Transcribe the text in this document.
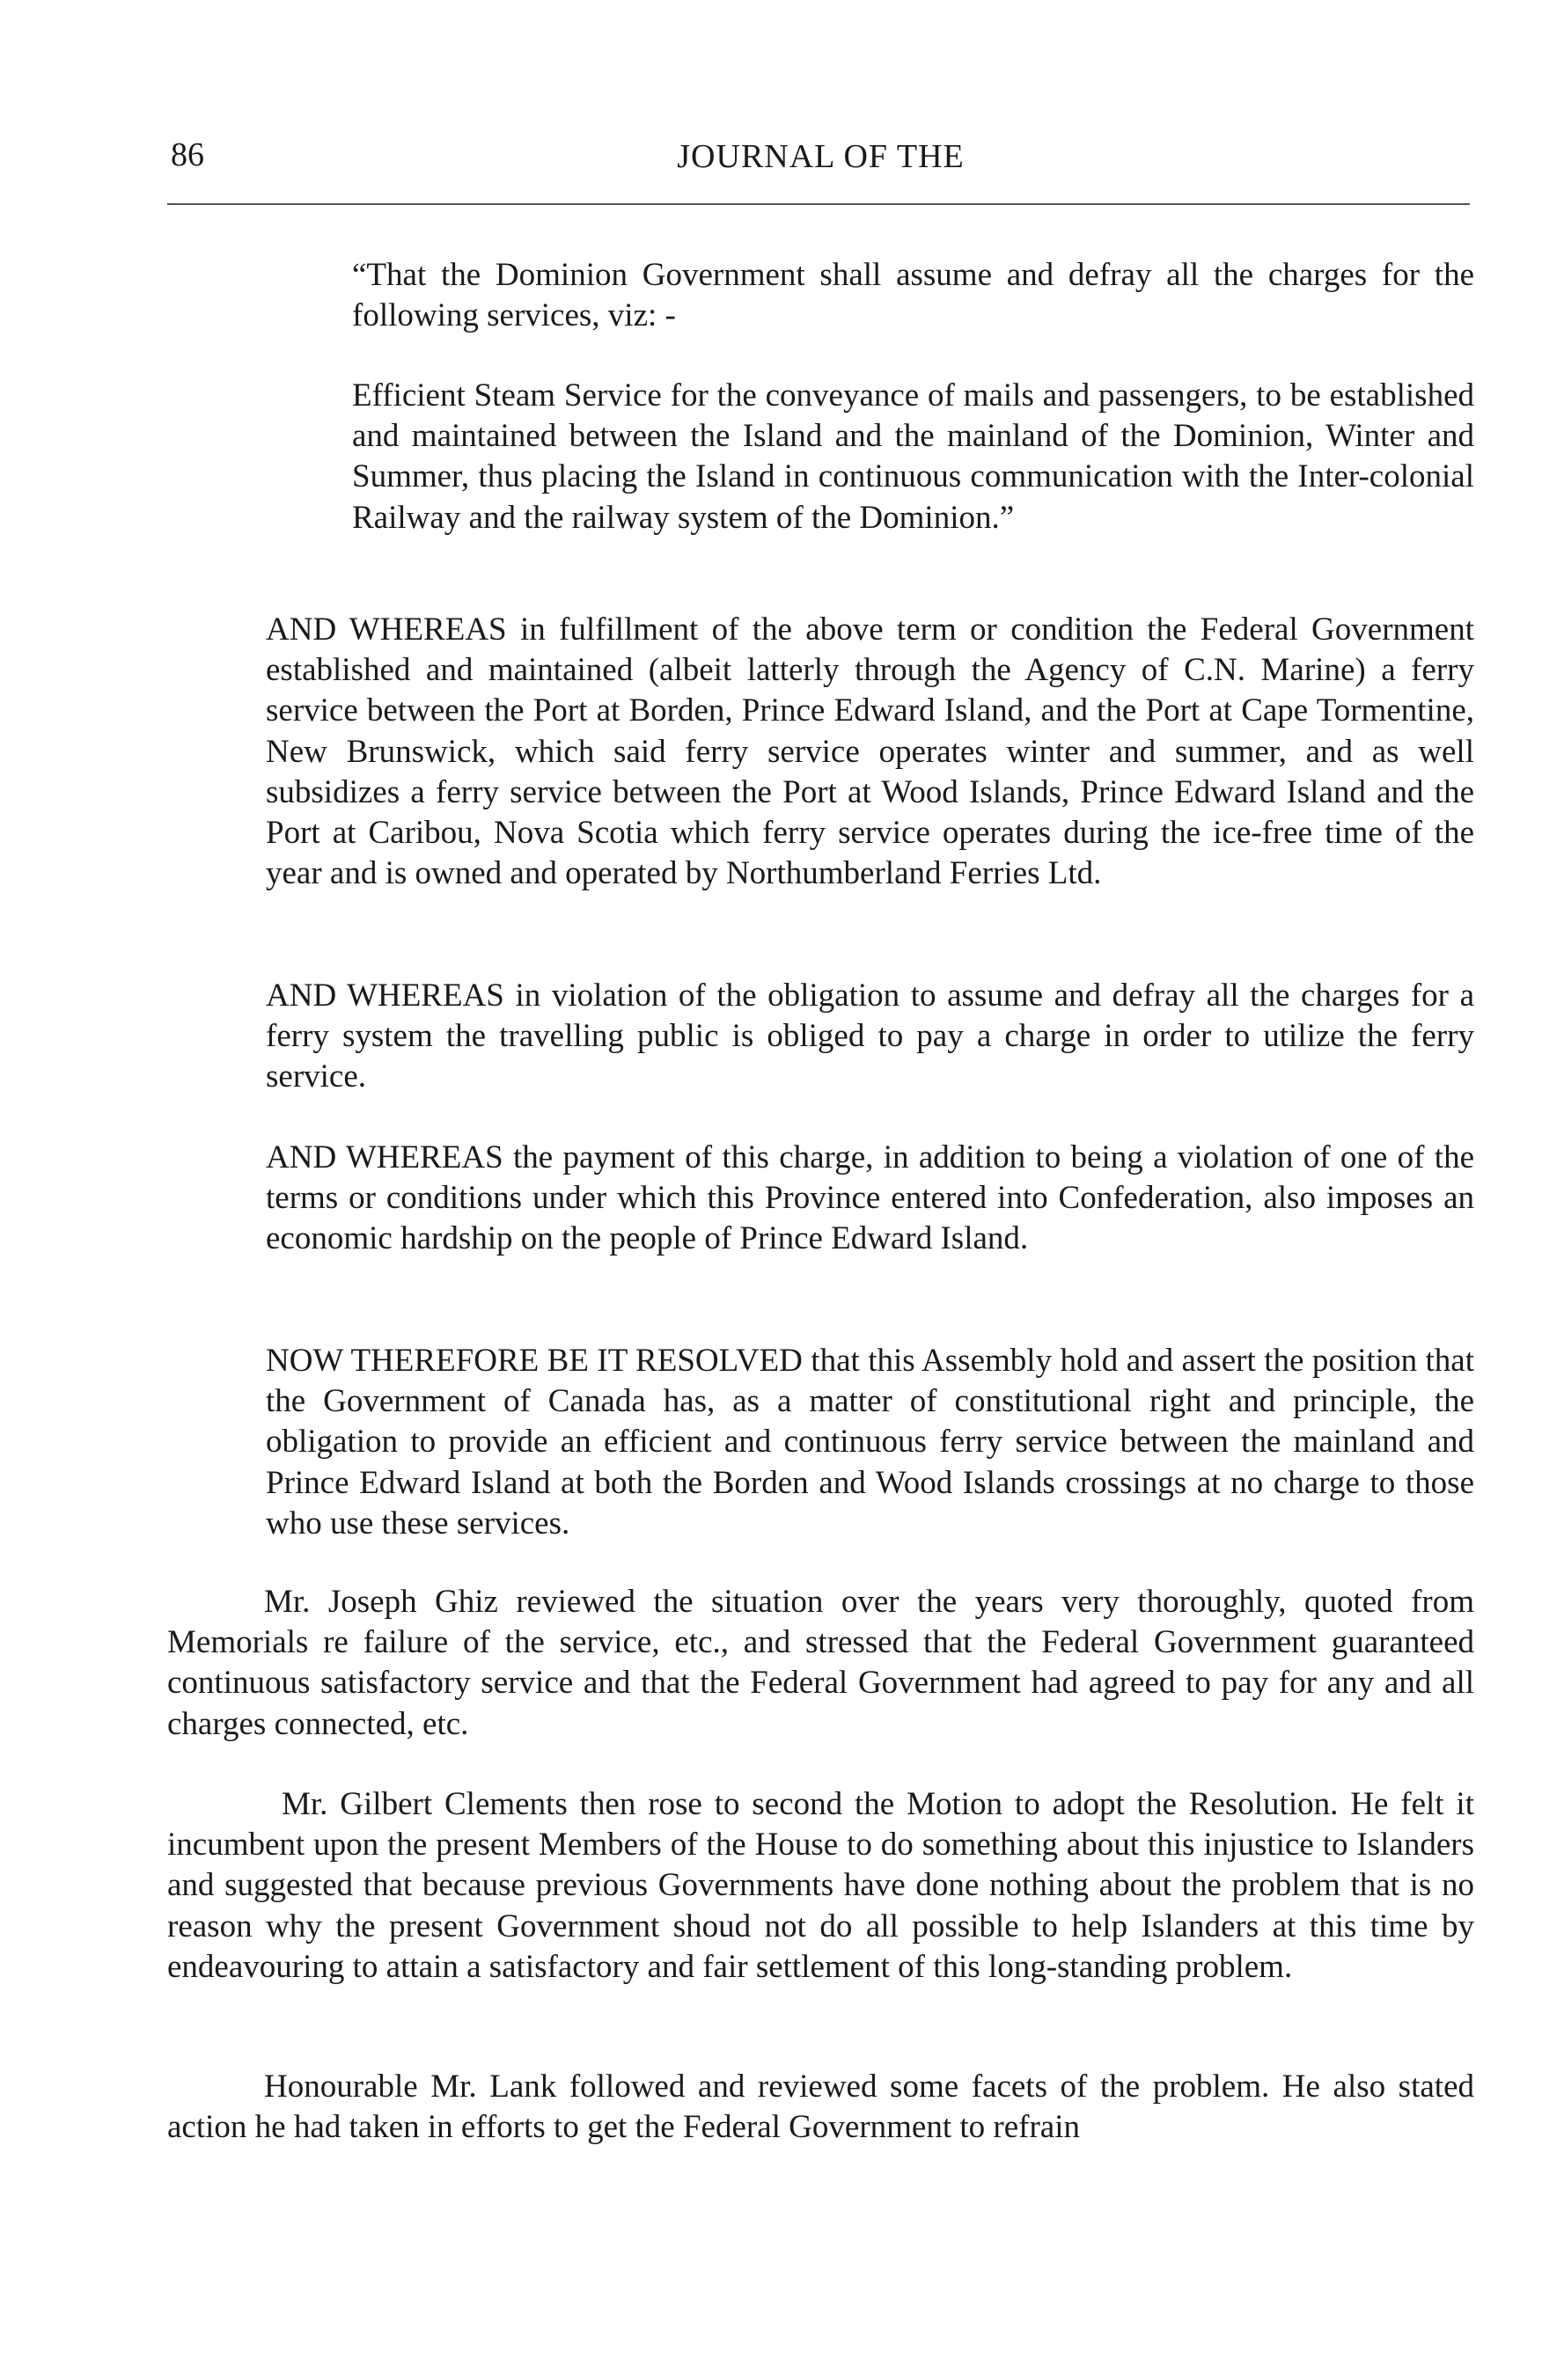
86	JOURNAL OF THE

“That the Dominion Government shall assume and defray all the charges for the following services, viz: -

Efficient Steam Service for the conveyance of mails and passengers, to be established and maintained between the Island and the mainland of the Dominion, Winter and Summer, thus placing the Island in continuous communication with the Inter-colonial Railway and the railway system of the Dominion.”

AND WHEREAS in fulfillment of the above term or condition the Federal Government established and maintained (albeit latterly through the Agency of C.N. Marine) a ferry service between the Port at Borden, Prince Edward Island, and the Port at Cape Tormentine, New Brunswick, which said ferry service operates winter and summer, and as well subsidizes a ferry service between the Port at Wood Islands, Prince Edward Island and the Port at Caribou, Nova Scotia which ferry service operates during the ice-free time of the year and is owned and operated by Northumberland Ferries Ltd.

AND WHEREAS in violation of the obligation to assume and defray all the charges for a ferry system the travelling public is obliged to pay a charge in order to utilize the ferry service.

AND WHEREAS the payment of this charge, in addition to being a violation of one of the terms or conditions under which this Province entered into Confederation, also imposes an economic hardship on the people of Prince Edward Island.

NOW THEREFORE BE IT RESOLVED that this Assembly hold and assert the position that the Government of Canada has, as a matter of constitutional right and principle, the obligation to provide an efficient and continuous ferry service between the mainland and Prince Edward Island at both the Borden and Wood Islands crossings at no charge to those who use these services.

Mr. Joseph Ghiz reviewed the situation over the years very thoroughly, quoted from Memorials re failure of the service, etc., and stressed that the Federal Government guaranteed continuous satisfactory service and that the Federal Government had agreed to pay for any and all charges connected, etc.

Mr. Gilbert Clements then rose to second the Motion to adopt the Resolution. He felt it incumbent upon the present Members of the House to do something about this injustice to Islanders and suggested that because previous Governments have done nothing about the problem that is no reason why the present Government shoud not do all possible to help Islanders at this time by endeavouring to attain a satisfactory and fair settlement of this long-standing problem.

Honourable Mr. Lank followed and reviewed some facets of the problem. He also stated action he had taken in efforts to get the Federal Government to refrain
